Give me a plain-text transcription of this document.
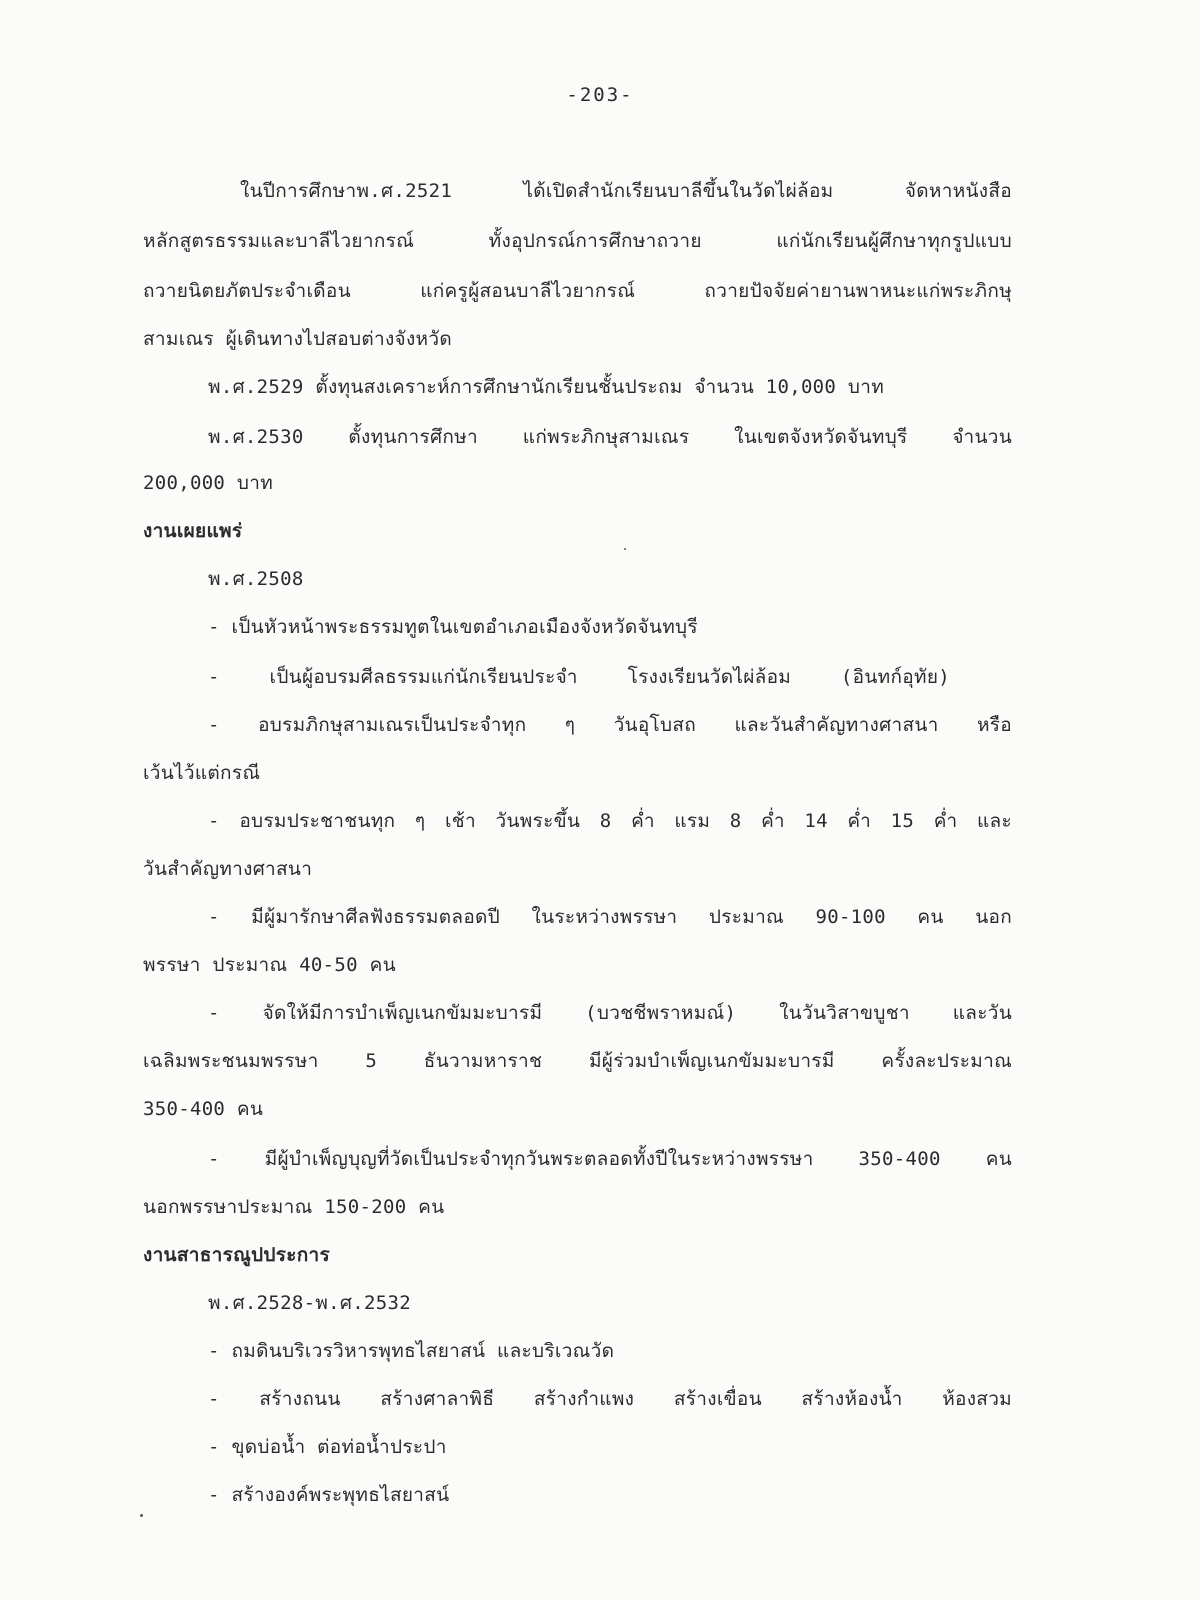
-203-
ในปีการศึกษาพ.ศ.2521 ได้เปิดสำนักเรียนบาลีขึ้นในวัดไผ่ล้อม จัดหาหนังสือ
หลักสูตรธรรมและบาลีไวยากรณ์ ทั้งอุปกรณ์การศึกษาถวาย แก่นักเรียนผู้ศึกษาทุกรูปแบบ
ถวายนิตยภัตประจำเดือน แก่ครูผู้สอนบาลีไวยากรณ์ ถวายปัจจัยค่ายานพาหนะแก่พระภิกษุ
สามเณร ผู้เดินทางไปสอบต่างจังหวัด
พ.ศ.2529 ตั้งทุนสงเคราะห์การศึกษานักเรียนชั้นประถม จำนวน 10,000 บาท
พ.ศ.2530 ตั้งทุนการศึกษา แก่พระภิกษุสามเณร ในเขตจังหวัดจันทบุรี จำนวน
200,000 บาท
งานเผยแพร่
พ.ศ.2508
- เป็นหัวหน้าพระธรรมทูตในเขตอำเภอเมืองจังหวัดจันทบุรี
- เป็นผู้อบรมศีลธรรมแก่นักเรียนประจำ โรงงเรียนวัดไผ่ล้อม (อินทก์อุทัย)
- อบรมภิกษุสามเณรเป็นประจำทุก ๆ วันอุโบสถ และวันสำคัญทางศาสนา หรือ
เว้นไว้แต่กรณี
- อบรมประชาชนทุก ๆ เช้า วันพระขึ้น 8 ค่ำ แรม 8 ค่ำ 14 ค่ำ 15 ค่ำ และ
วันสำคัญทางศาสนา
- มีผู้มารักษาศีลฟังธรรมตลอดปี ในระหว่างพรรษา ประมาณ 90-100 คน นอก
พรรษา ประมาณ 40-50 คน
- จัดให้มีการบำเพ็ญเนกขัมมะบารมี (บวชชีพราหมณ์) ในวันวิสาขบูชา และวัน
เฉลิมพระชนมพรรษา 5 ธันวามหาราช มีผู้ร่วมบำเพ็ญเนกขัมมะบารมี ครั้งละประมาณ
350-400 คน
- มีผู้บำเพ็ญบุญที่วัดเป็นประจำทุกวันพระตลอดทั้งปีในระหว่างพรรษา 350-400 คน
นอกพรรษาประมาณ 150-200 คน
งานสาธารณูปประการ
พ.ศ.2528-พ.ศ.2532
- ถมดินบริเวรวิหารพุทธไสยาสน์ และบริเวณวัด
- สร้างถนน สร้างศาลาพิธี สร้างกำแพง สร้างเขื่อน สร้างห้องน้ำ ห้องสวม
- ขุดบ่อน้ำ ต่อท่อน้ำประปา
- สร้างองค์พระพุทธไสยาสน์
